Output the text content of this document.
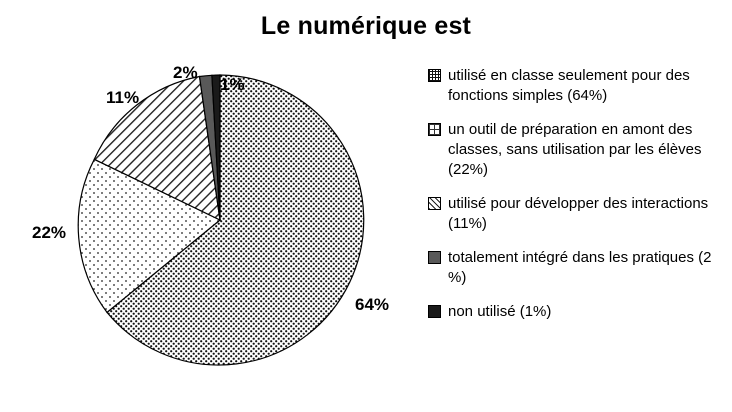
Le numérique est
64%
22%
11%
2%
1%	utilisé en classe seulement pour des fonctions simples (64%)
un outil de préparation en amont des classes, sans utilisation par les élèves (22%)
utilisé pour développer des interactions (11%)
totalement intégré dans les pratiques (2 %)
non utilisé (1%)
